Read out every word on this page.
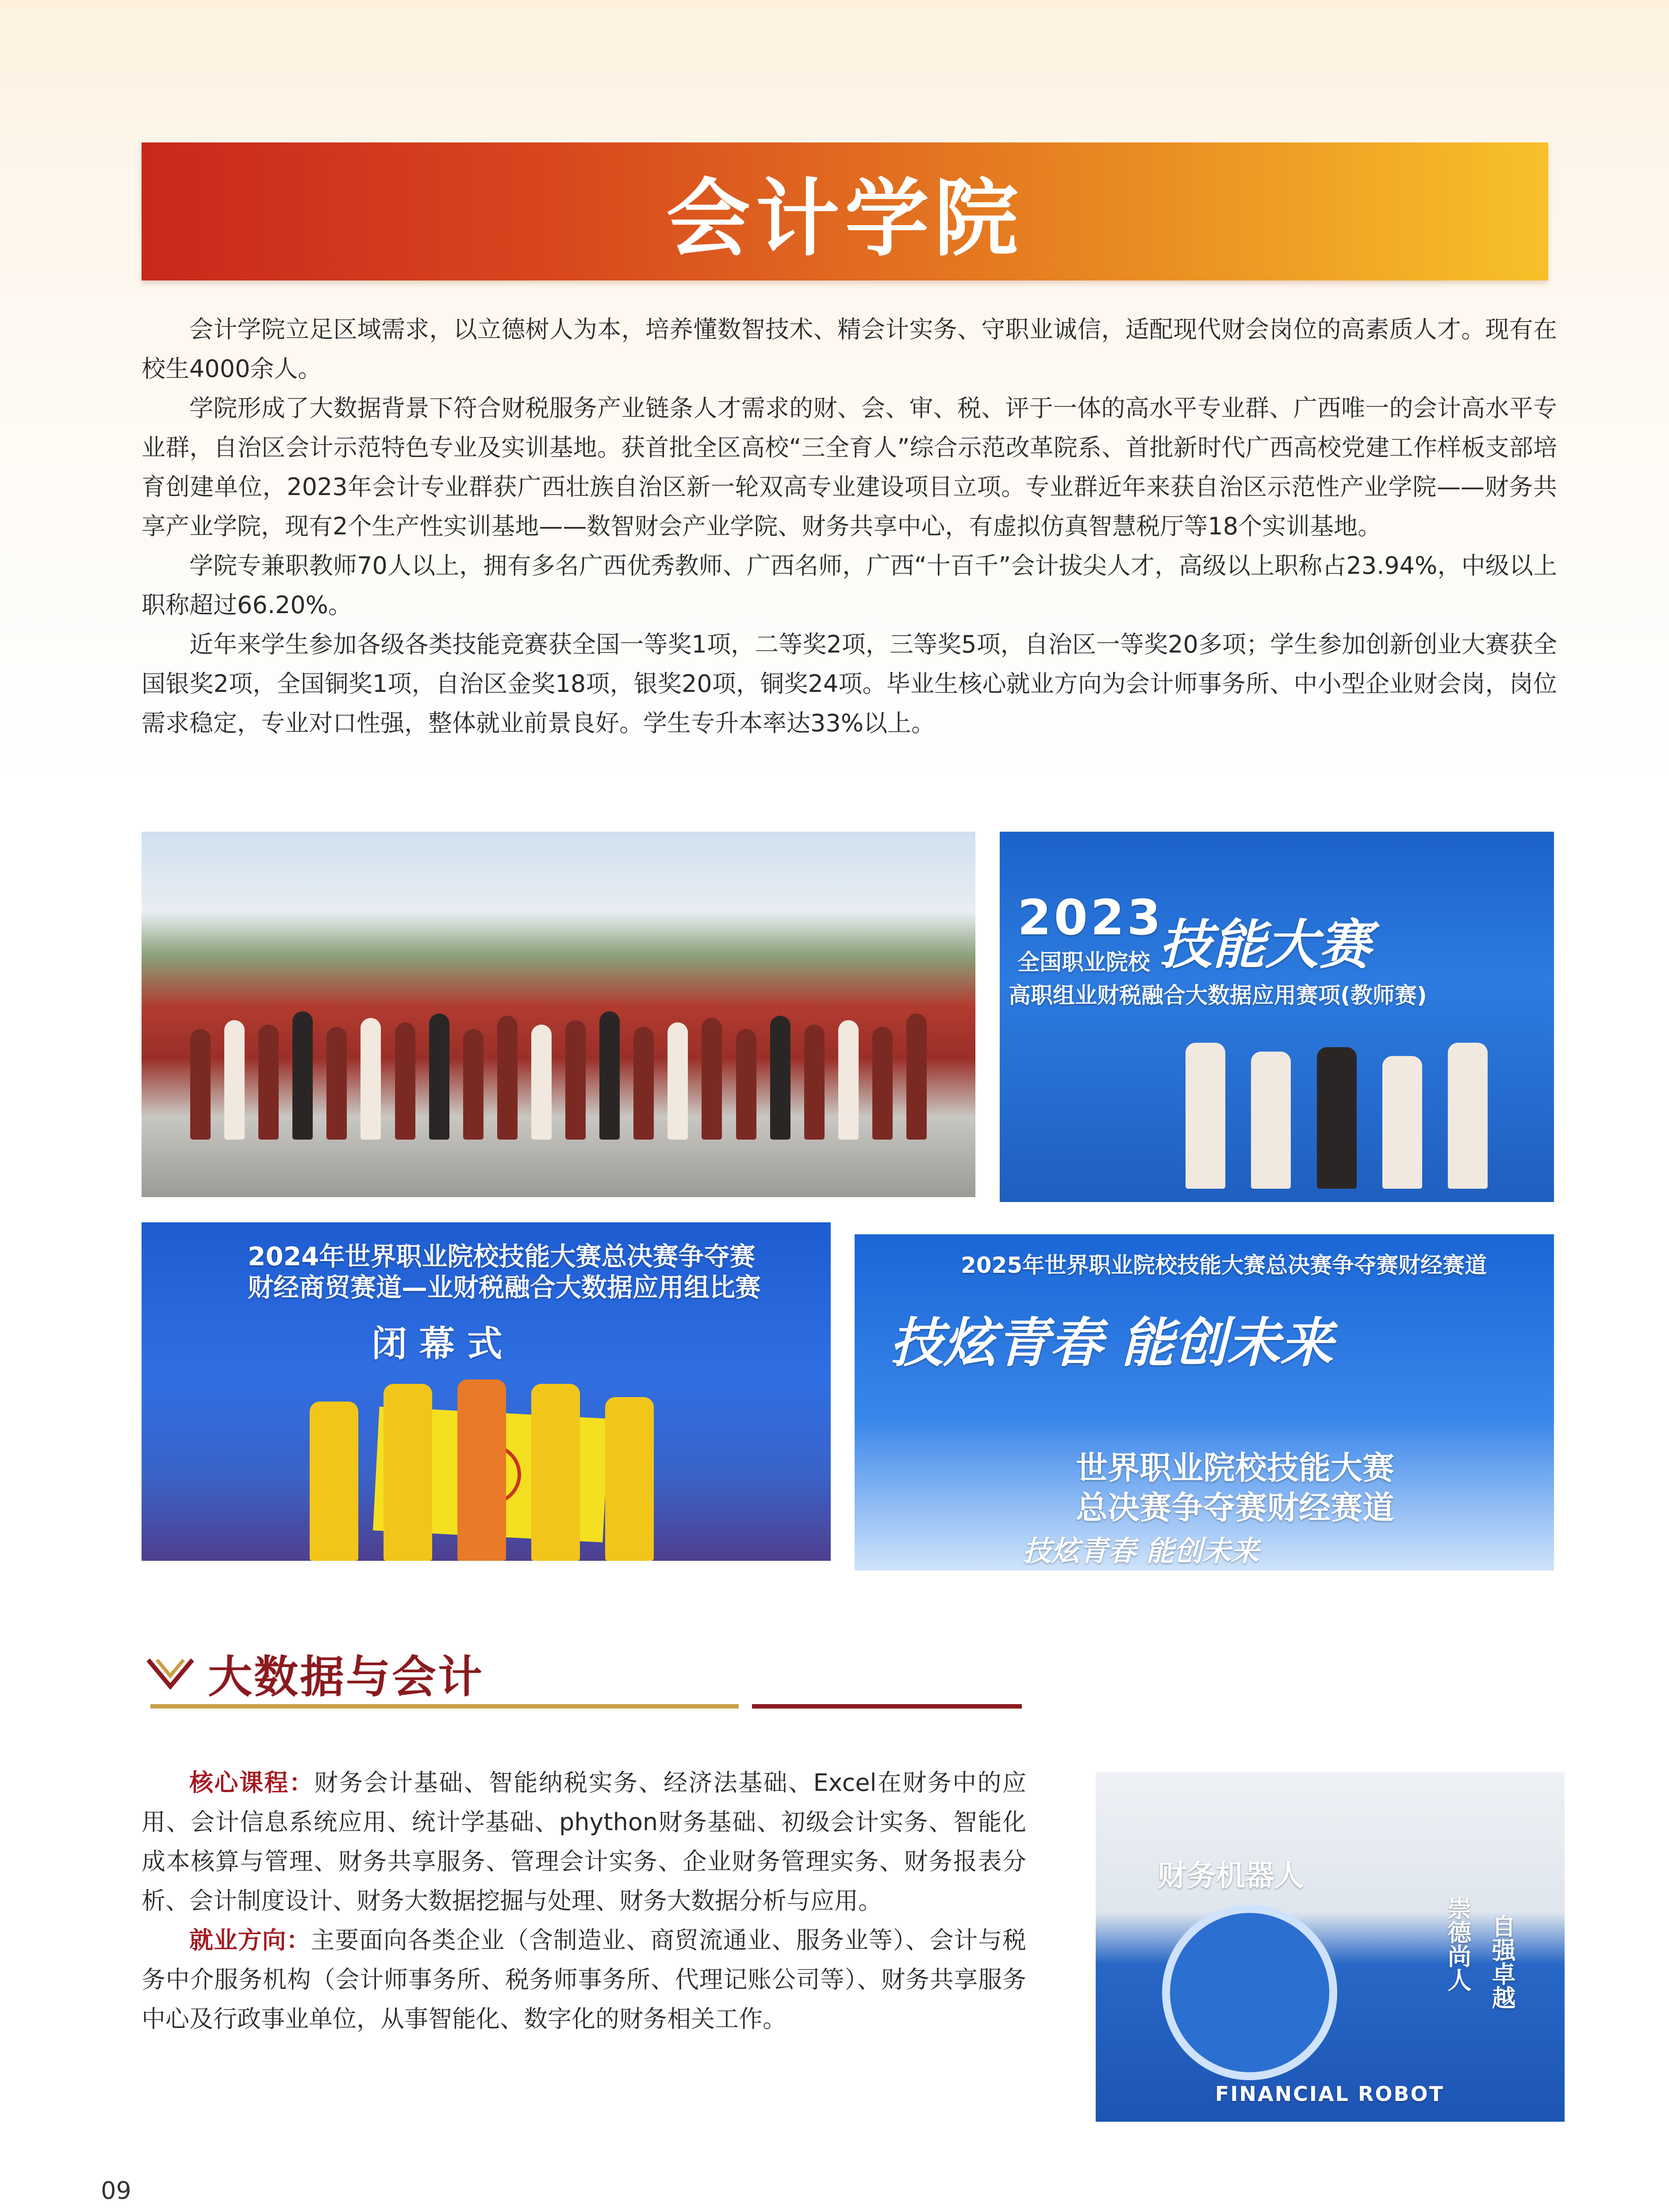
会计学院

会计学院立足区域需求，以立德树人为本，培养懂数智技术、精会计实务、守职业诚信，适配现代财会岗位的高素质人才。现有在校生4000余人。

学院形成了大数据背景下符合财税服务产业链条人才需求的财、会、审、税、评于一体的高水平专业群、广西唯一的会计高水平专业群，自治区会计示范特色专业及实训基地。获首批全区高校“三全育人”综合示范改革院系、首批新时代广西高校党建工作样板支部培育创建单位，2023年会计专业群获广西壮族自治区新一轮双高专业建设项目立项。专业群近年来获自治区示范性产业学院——财务共享产业学院，现有2个生产性实训基地——数智财会产业学院、财务共享中心，有虚拟仿真智慧税厅等18个实训基地。

学院专兼职教师70人以上，拥有多名广西优秀教师、广西名师，广西“十百千”会计拔尖人才，高级以上职称占23.94%，中级以上职称超过66.20%。

近年来学生参加各级各类技能竞赛获全国一等奖1项，二等奖2项，三等奖5项，自治区一等奖20多项；学生参加创新创业大赛获全国银奖2项，全国铜奖1项，自治区金奖18项，银奖20项，铜奖24项。毕业生核心就业方向为会计师事务所、中小型企业财会岗，岗位需求稳定，专业对口性强，整体就业前景良好。学生专升本率达33%以上。

2023
全国职业院校 技能大赛
高职组业财税融合大数据应用赛项(教师赛)
2024年世界职业院校技能大赛总决赛争夺赛
财经商贸赛道—业财税融合大数据应用组比赛
闭 幕 式
2025年世界职业院校技能大赛总决赛争夺赛财经赛道
技炫青春 能创未来
世界职业院校技能大赛
总决赛争夺赛财经赛道
技炫青春 能创未来
大数据与会计

核心课程：财务会计基础、智能纳税实务、经济法基础、Excel在财务中的应用、会计信息系统应用、统计学基础、phython财务基础、初级会计实务、智能化成本核算与管理、财务共享服务、管理会计实务、企业财务管理实务、财务报表分析、会计制度设计、财务大数据挖掘与处理、财务大数据分析与应用。

就业方向：主要面向各类企业（含制造业、商贸流通业、服务业等）、会计与税务中介服务机构（会计师事务所、税务师事务所、代理记账公司等）、财务共享服务中心及行政事业单位，从事智能化、数字化的财务相关工作。

财务机器人
崇德尚人 自强卓越
FINANCIAL ROBOT
09
